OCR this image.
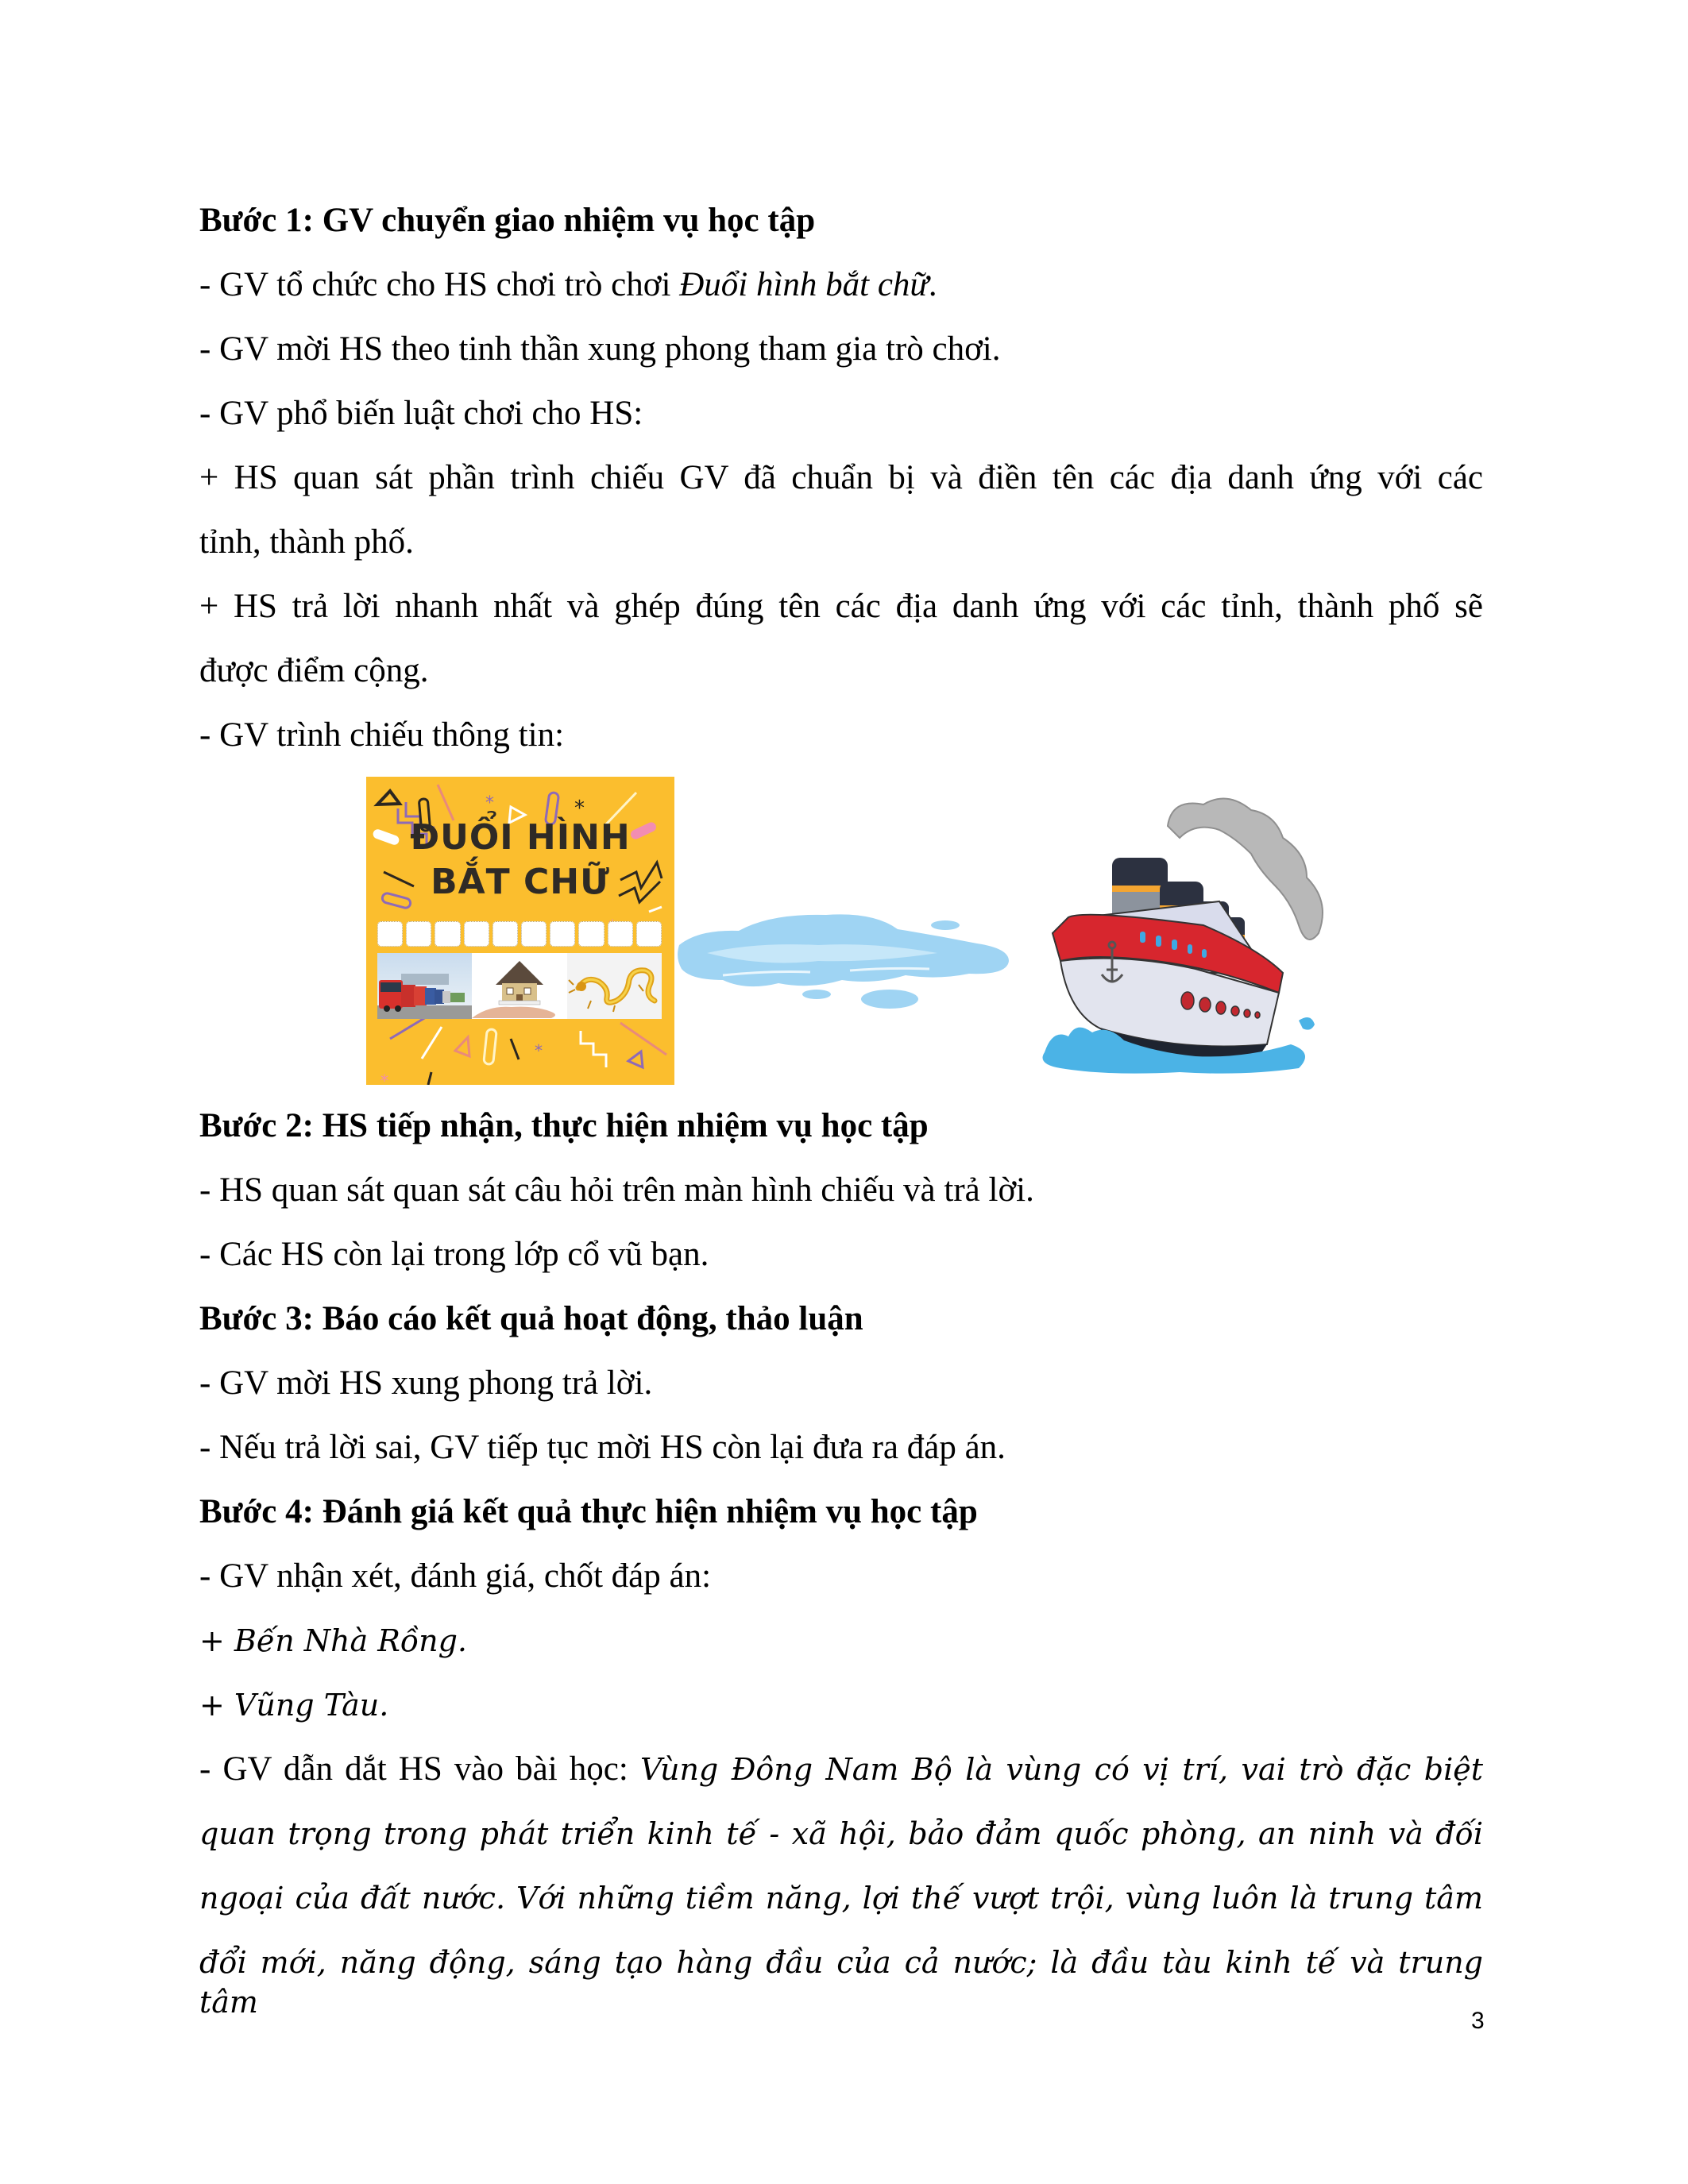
Bước 1: GV chuyển giao nhiệm vụ học tập
- GV tổ chức cho HS chơi trò chơi Đuổi hình bắt chữ.
- GV mời HS theo tinh thần xung phong tham gia trò chơi.
- GV phổ biến luật chơi cho HS:
+ HS quan sát phần trình chiếu GV đã chuẩn bị và điền tên các địa danh ứng với các
tỉnh, thành phố.
+ HS trả lời nhanh nhất và ghép đúng tên các địa danh ứng với các tỉnh, thành phố sẽ
được điểm cộng.
- GV trình chiếu thông tin:
*	*
*
*
ĐUỔI HÌNH
BẮT CHỮ
Bước 2: HS tiếp nhận, thực hiện nhiệm vụ học tập
- HS quan sát quan sát câu hỏi trên màn hình chiếu và trả lời.
- Các HS còn lại trong lớp cổ vũ bạn.
Bước 3: Báo cáo kết quả hoạt động, thảo luận
- GV mời HS xung phong trả lời.
- Nếu trả lời sai, GV tiếp tục mời HS còn lại đưa ra đáp án.
Bước 4: Đánh giá kết quả thực hiện nhiệm vụ học tập
- GV nhận xét, đánh giá, chốt đáp án:
+ Bến Nhà Rồng.
+ Vũng Tàu.
- GV dẫn dắt HS vào bài học: Vùng Đông Nam Bộ là vùng có vị trí, vai trò đặc biệt
quan trọng trong phát triển kinh tế - xã hội, bảo đảm quốc phòng, an ninh và đối
ngoại của đất nước. Với những tiềm năng, lợi thế vượt trội, vùng luôn là trung tâm
đổi mới, năng động, sáng tạo hàng đầu của cả nước; là đầu tàu kinh tế và trung tâm
3
